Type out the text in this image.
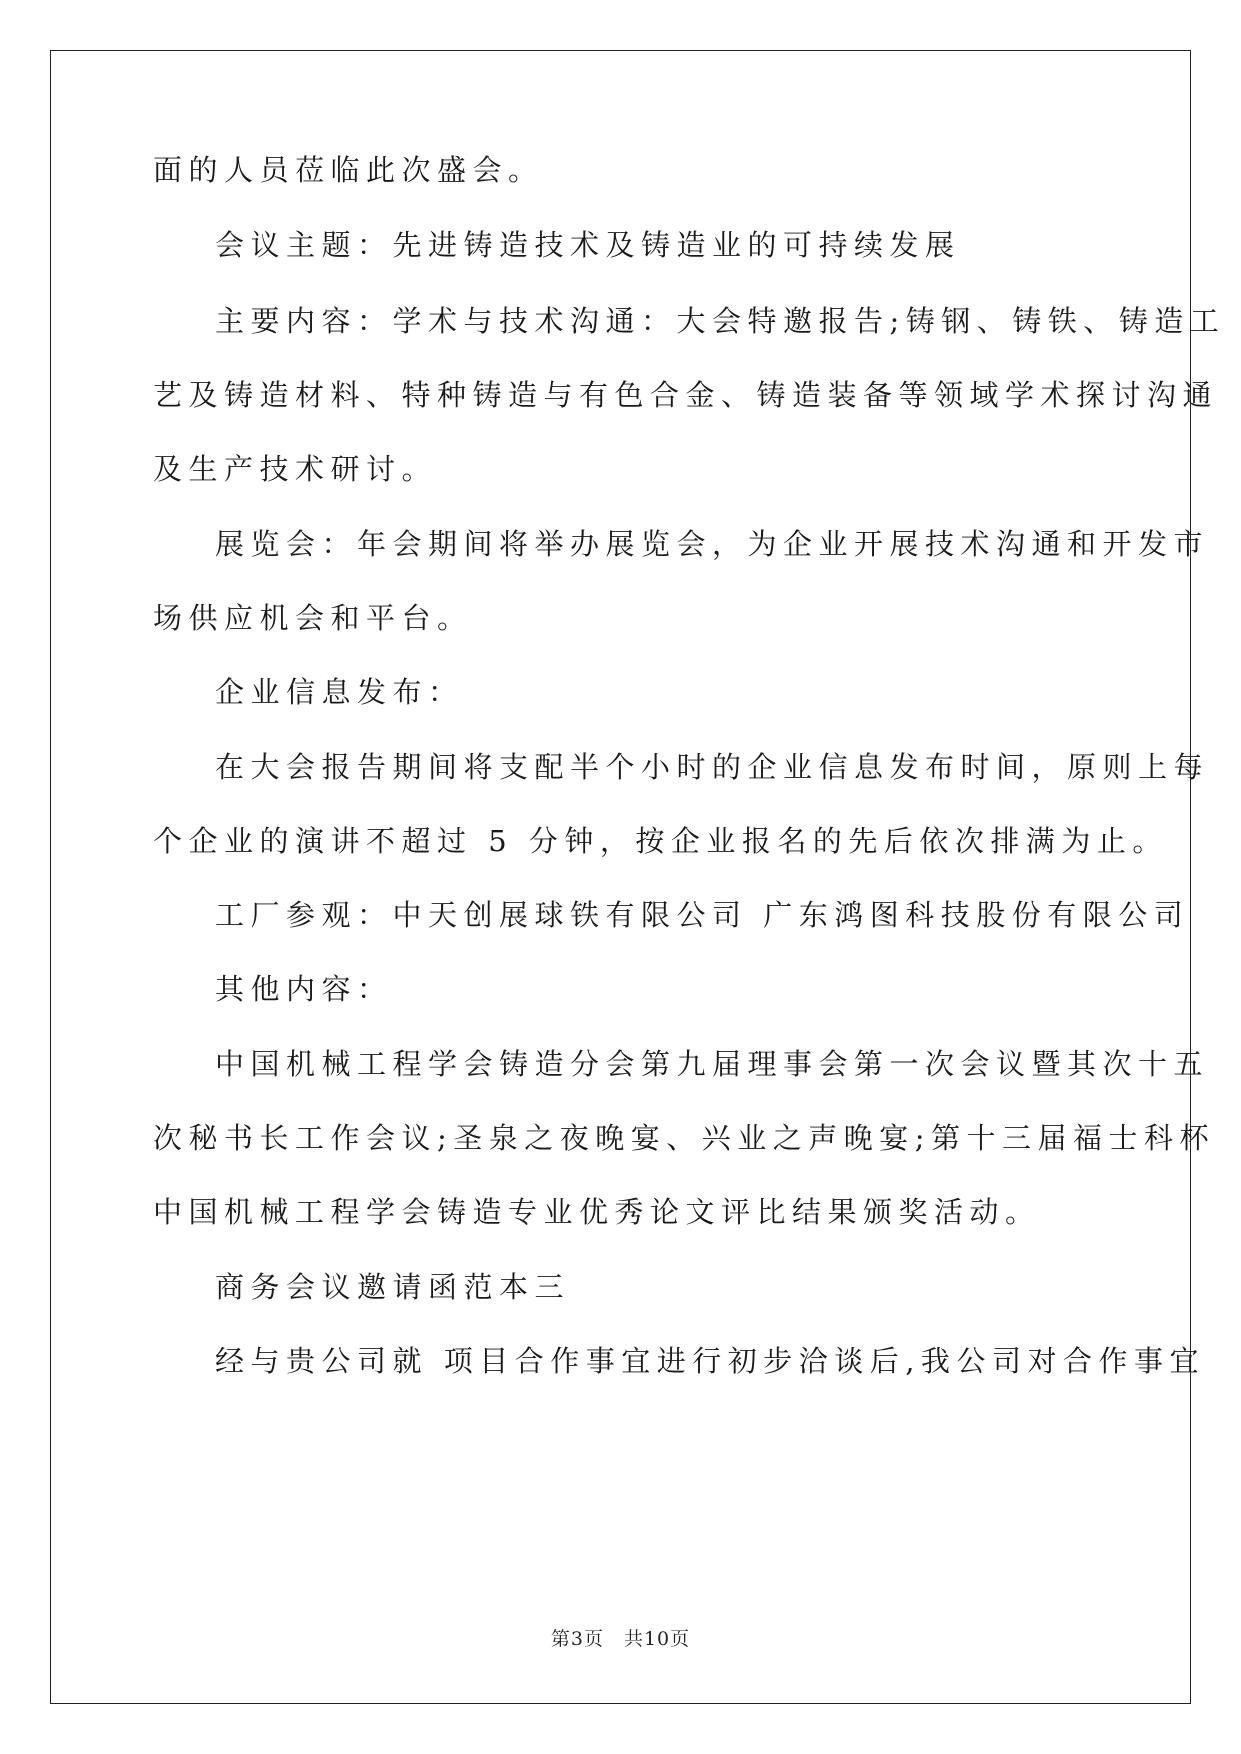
面的人员莅临此次盛会。
会议主题：先进铸造技术及铸造业的可持续发展
主要内容：学术与技术沟通：大会特邀报告;铸钢、铸铁、铸造工
艺及铸造材料、特种铸造与有色合金、铸造装备等领域学术探讨沟通
及生产技术研讨。
展览会：年会期间将举办展览会，为企业开展技术沟通和开发市
场供应机会和平台。
企业信息发布：
在大会报告期间将支配半个小时的企业信息发布时间，原则上每
个企业的演讲不超过 5 分钟，按企业报名的先后依次排满为止。
工厂参观：中天创展球铁有限公司 广东鸿图科技股份有限公司
其他内容：
中国机械工程学会铸造分会第九届理事会第一次会议暨其次十五
次秘书长工作会议;圣泉之夜晚宴、兴业之声晚宴;第十三届福士科杯
中国机械工程学会铸造专业优秀论文评比结果颁奖活动。
商务会议邀请函范本三
经与贵公司就 项目合作事宜进行初步洽谈后,我公司对合作事宜
第3页　共10页
